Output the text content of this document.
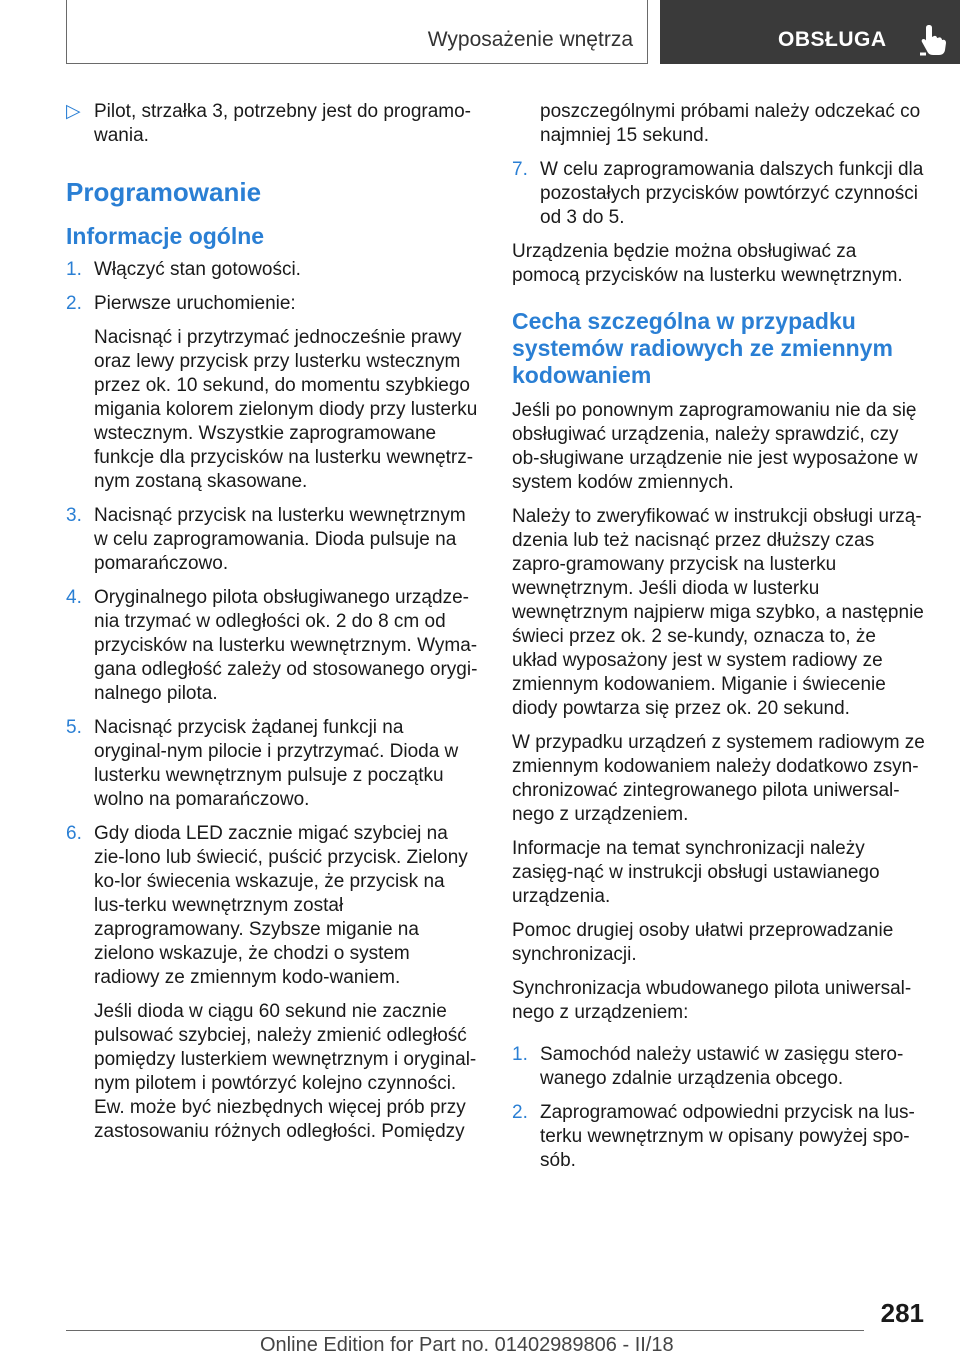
Wyposażenie wnętrza	OBSŁUGA
▷ Pilot, strzałka 3, potrzebny jest do programo-wania.
Programowanie
Informacje ogólne
1. Włączyć stan gotowości.
2. Pierwsze uruchomienie:
Nacisnąć i przytrzymać jednocześnie prawy oraz lewy przycisk przy lusterku wstecznym przez ok. 10 sekund, do momentu szybkiego migania kolorem zielonym diody przy lusterku wstecznym. Wszystkie zaprogramowane funkcje dla przycisków na lusterku wewnętrz-nym zostaną skasowane.
3. Nacisnąć przycisk na lusterku wewnętrznym w celu zaprogramowania. Dioda pulsuje na pomarańczowo.
4. Oryginalnego pilota obsługiwanego urządze-nia trzymać w odległości ok. 2 do 8 cm od przycisków na lusterku wewnętrznym. Wyma-gana odległość zależy od stosowanego orygi-nalnego pilota.
5. Nacisnąć przycisk żądanej funkcji na oryginal-nym pilocie i przytrzymać. Dioda w lusterku wewnętrznym pulsuje z początku wolno na pomarańczowo.
6. Gdy dioda LED zacznie migać szybciej na zie-lono lub świecić, puścić przycisk. Zielony ko-lor świecenia wskazuje, że przycisk na lus-terku wewnętrznym został zaprogramowany. Szybsze miganie na zielono wskazuje, że chodzi o system radiowy ze zmiennym kodo-waniem.
Jeśli dioda w ciągu 60 sekund nie zacznie pulsować szybciej, należy zmienić odległość pomiędzy lusterkiem wewnętrznym i oryginal-nym pilotem i powtórzyć kolejno czynności. Ew. może być niezbędnych więcej prób przy zastosowaniu różnych odległości. Pomiędzy
poszczególnymi próbami należy odczekać co najmniej 15 sekund.
7. W celu zaprogramowania dalszych funkcji dla pozostałych przycisków powtórzyć czynności od 3 do 5.
Urządzenia będzie można obsługiwać za pomocą przycisków na lusterku wewnętrznym.
Cecha szczególna w przypadku systemów radiowych ze zmiennym kodowaniem
Jeśli po ponownym zaprogramowaniu nie da się obsługiwać urządzenia, należy sprawdzić, czy ob-sługiwane urządzenie nie jest wyposażone w system kodów zmiennych.
Należy to zweryfikować w instrukcji obsługi urzą-dzenia lub też nacisnąć przez dłuższy czas zapro-gramowany przycisk na lusterku wewnętrznym. Jeśli dioda w lusterku wewnętrznym najpierw miga szybko, a następnie świeci przez ok. 2 se-kundy, oznacza to, że układ wyposażony jest w system radiowy ze zmiennym kodowaniem. Miganie i świecenie diody powtarza się przez ok. 20 sekund.
W przypadku urządzeń z systemem radiowym ze zmiennym kodowaniem należy dodatkowo zsyn-chronizować zintegrowanego pilota uniwersal-nego z urządzeniem.
Informacje na temat synchronizacji należy zasięg-nąć w instrukcji obsługi ustawianego urządzenia.
Pomoc drugiej osoby ułatwi przeprowadzanie synchronizacji.
Synchronizacja wbudowanego pilota uniwersal-nego z urządzeniem:
1. Samochód należy ustawić w zasięgu stero-wanego zdalnie urządzenia obcego.
2. Zaprogramować odpowiedni przycisk na lus-terku wewnętrznym w opisany powyżej spo-sób.
281
Online Edition for Part no. 01402989806 - II/18
